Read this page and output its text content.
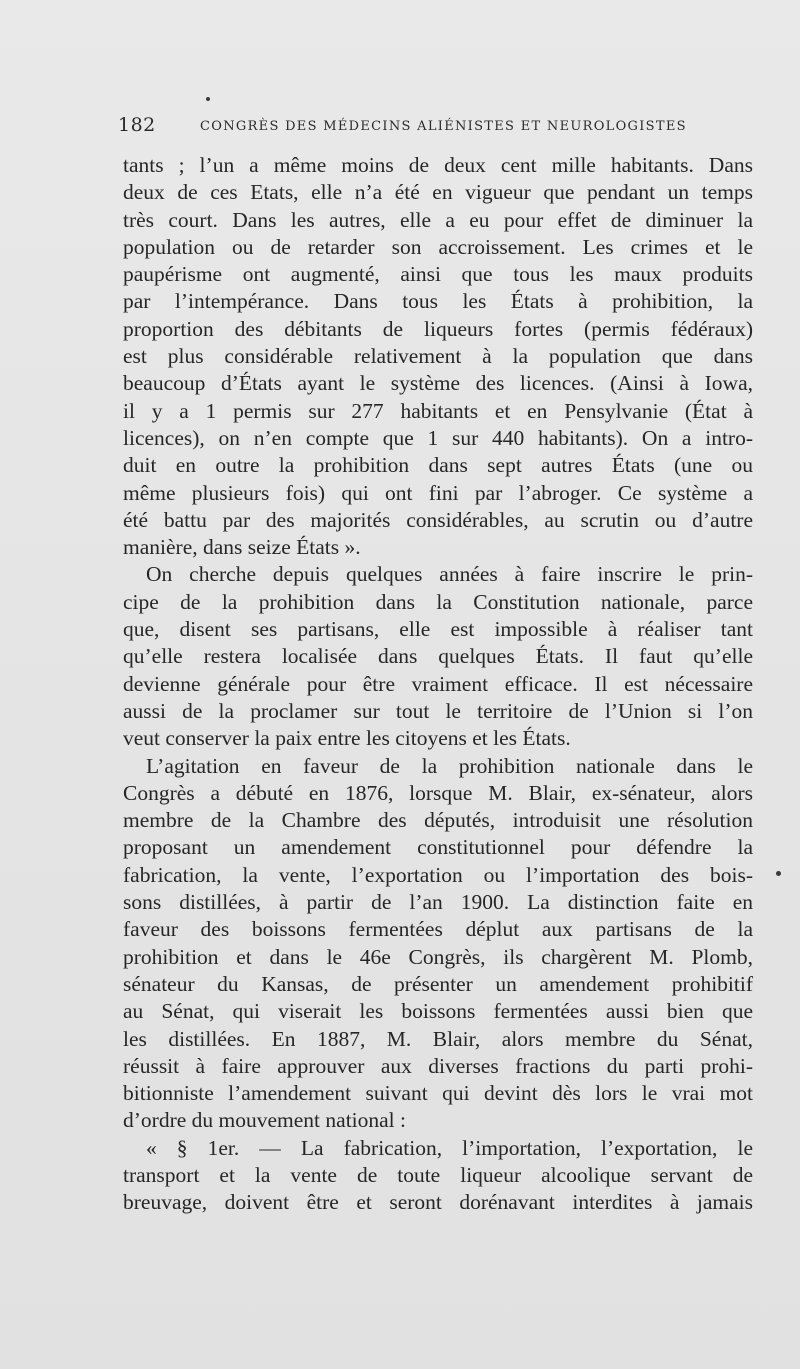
182	CONGRÈS DES MÉDECINS ALIÉNISTES ET NEUROLOGISTES
tants ; l’un a même moins de deux cent mille habitants. Dans
deux de ces Etats, elle n’a été en vigueur que pendant un temps
très court. Dans les autres, elle a eu pour effet de diminuer la
population ou de retarder son accroissement. Les crimes et le
paupérisme ont augmenté, ainsi que tous les maux produits
par l’intempérance. Dans tous les États à prohibition, la
proportion des débitants de liqueurs fortes (permis fédéraux)
est plus considérable relativement à la population que dans
beaucoup d’États ayant le système des licences. (Ainsi à Iowa,
il y a 1 permis sur 277 habitants et en Pensylvanie (État à
licences), on n’en compte que 1 sur 440 habitants). On a intro-
duit en outre la prohibition dans sept autres États (une ou
même plusieurs fois) qui ont fini par l’abroger. Ce système a
été battu par des majorités considérables, au scrutin ou d’autre
manière, dans seize États ».
On cherche depuis quelques années à faire inscrire le prin-
cipe de la prohibition dans la Constitution nationale, parce
que, disent ses partisans, elle est impossible à réaliser tant
qu’elle restera localisée dans quelques États. Il faut qu’elle
devienne générale pour être vraiment efficace. Il est nécessaire
aussi de la proclamer sur tout le territoire de l’Union si l’on
veut conserver la paix entre les citoyens et les États.
L’agitation en faveur de la prohibition nationale dans le
Congrès a débuté en 1876, lorsque M. Blair, ex-sénateur, alors
membre de la Chambre des députés, introduisit une résolution
proposant un amendement constitutionnel pour défendre la
fabrication, la vente, l’exportation ou l’importation des bois-
sons distillées, à partir de l’an 1900. La distinction faite en
faveur des boissons fermentées déplut aux partisans de la
prohibition et dans le 46e Congrès, ils chargèrent M. Plomb,
sénateur du Kansas, de présenter un amendement prohibitif
au Sénat, qui viserait les boissons fermentées aussi bien que
les distillées. En 1887, M. Blair, alors membre du Sénat,
réussit à faire approuver aux diverses fractions du parti prohi-
bitionniste l’amendement suivant qui devint dès lors le vrai mot
d’ordre du mouvement national :
« § 1er. — La fabrication, l’importation, l’exportation, le
transport et la vente de toute liqueur alcoolique servant de
breuvage, doivent être et seront dorénavant interdites à jamais
